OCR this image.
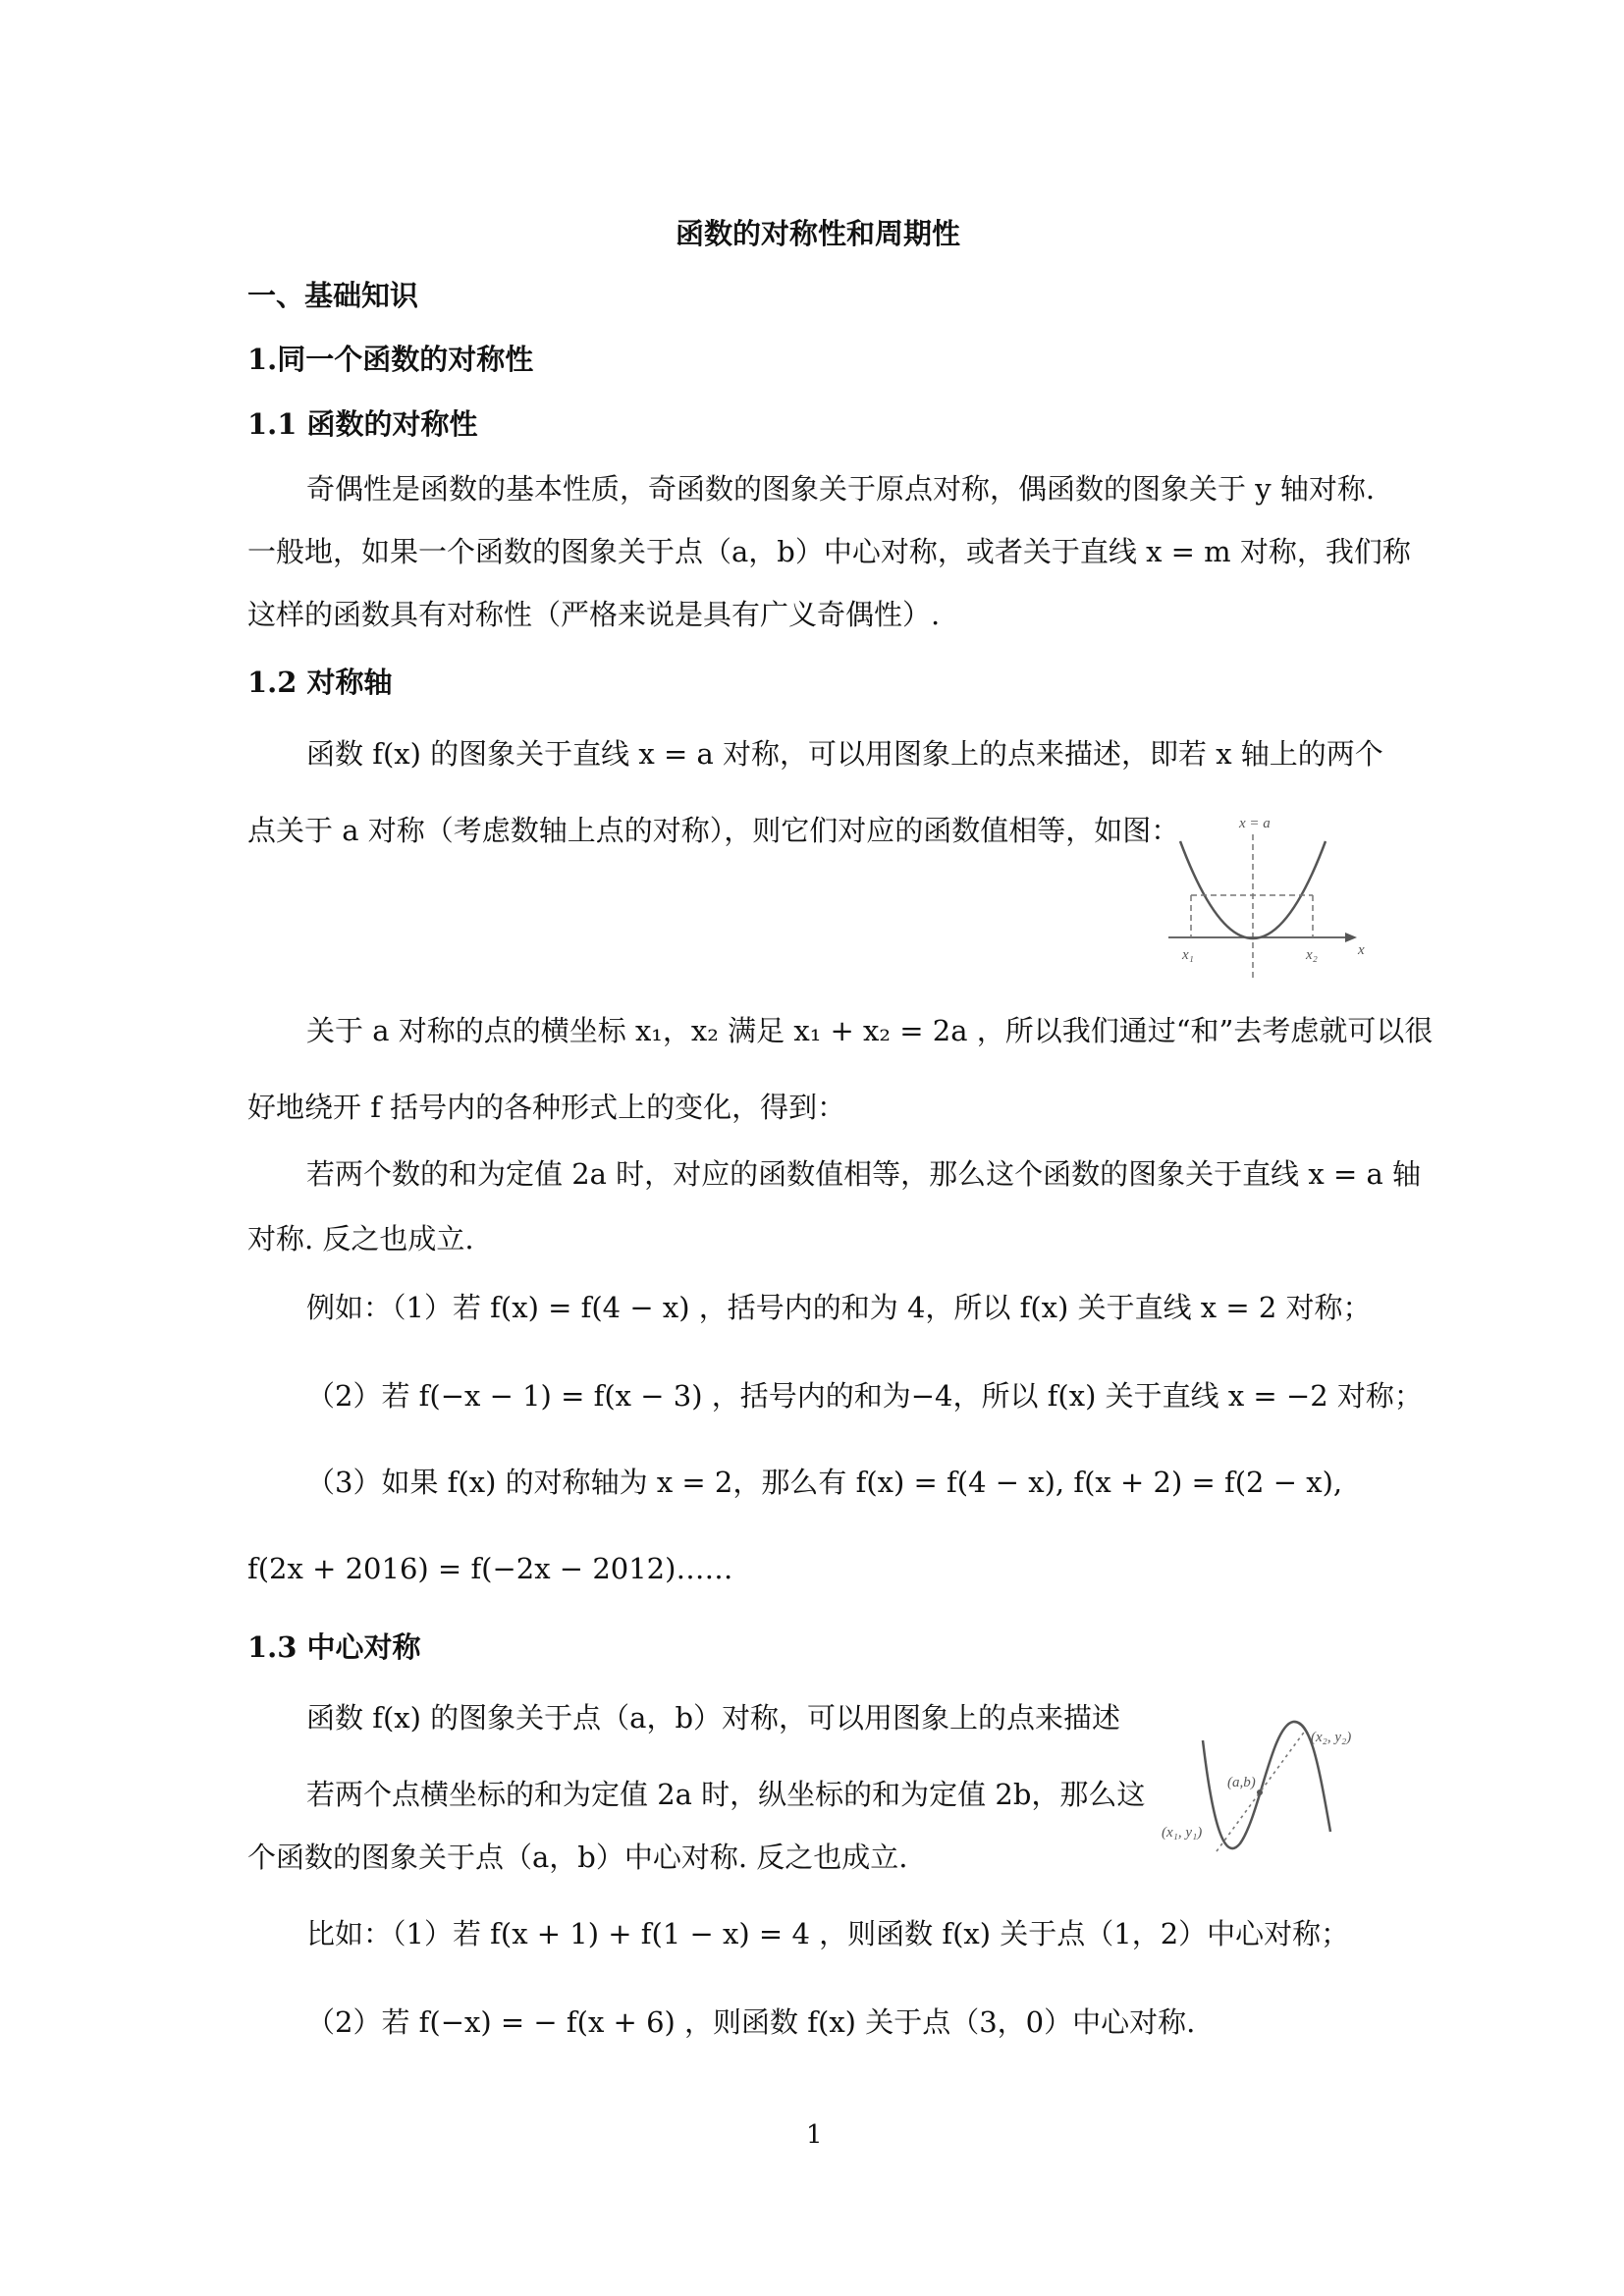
函数的对称性和周期性
一、基础知识
1.同一个函数的对称性
1.1 函数的对称性
奇偶性是函数的基本性质，奇函数的图象关于原点对称，偶函数的图象关于 y 轴对称.
一般地，如果一个函数的图象关于点（a，b）中心对称，或者关于直线 x = m 对称，我们称
这样的函数具有对称性（严格来说是具有广义奇偶性）.
1.2 对称轴
函数 f(x) 的图象关于直线 x = a 对称，可以用图象上的点来描述，即若 x 轴上的两个
点关于 a 对称（考虑数轴上点的对称），则它们对应的函数值相等，如图：	x = a
x
x₁	x₂
关于 a 对称的点的横坐标 x₁，x₂ 满足 x₁ + x₂ = 2a ，所以我们通过“和”去考虑就可以很
好地绕开 f 括号内的各种形式上的变化，得到：
若两个数的和为定值 2a 时，对应的函数值相等，那么这个函数的图象关于直线 x = a 轴
对称. 反之也成立.
例如：（1）若 f(x) = f(4 − x) ，括号内的和为 4，所以 f(x) 关于直线 x = 2 对称；
（2）若 f(−x − 1) = f(x − 3) ，括号内的和为−4，所以 f(x) 关于直线 x = −2 对称；
（3）如果 f(x) 的对称轴为 x = 2，那么有 f(x) = f(4 − x), f(x + 2) = f(2 − x),
f(2x + 2016) = f(−2x − 2012)……
1.3 中心对称
函数 f(x) 的图象关于点（a，b）对称，可以用图象上的点来描述
若两个点横坐标的和为定值 2a 时，纵坐标的和为定值 2b，那么这
个函数的图象关于点（a，b）中心对称. 反之也成立.
(x₂, y₂)
(a,b)
(x₁, y₁)
比如：（1）若 f(x + 1) + f(1 − x) = 4 ，则函数 f(x) 关于点（1，2）中心对称；
（2）若 f(−x) = − f(x + 6) ，则函数 f(x) 关于点（3，0）中心对称.
1
